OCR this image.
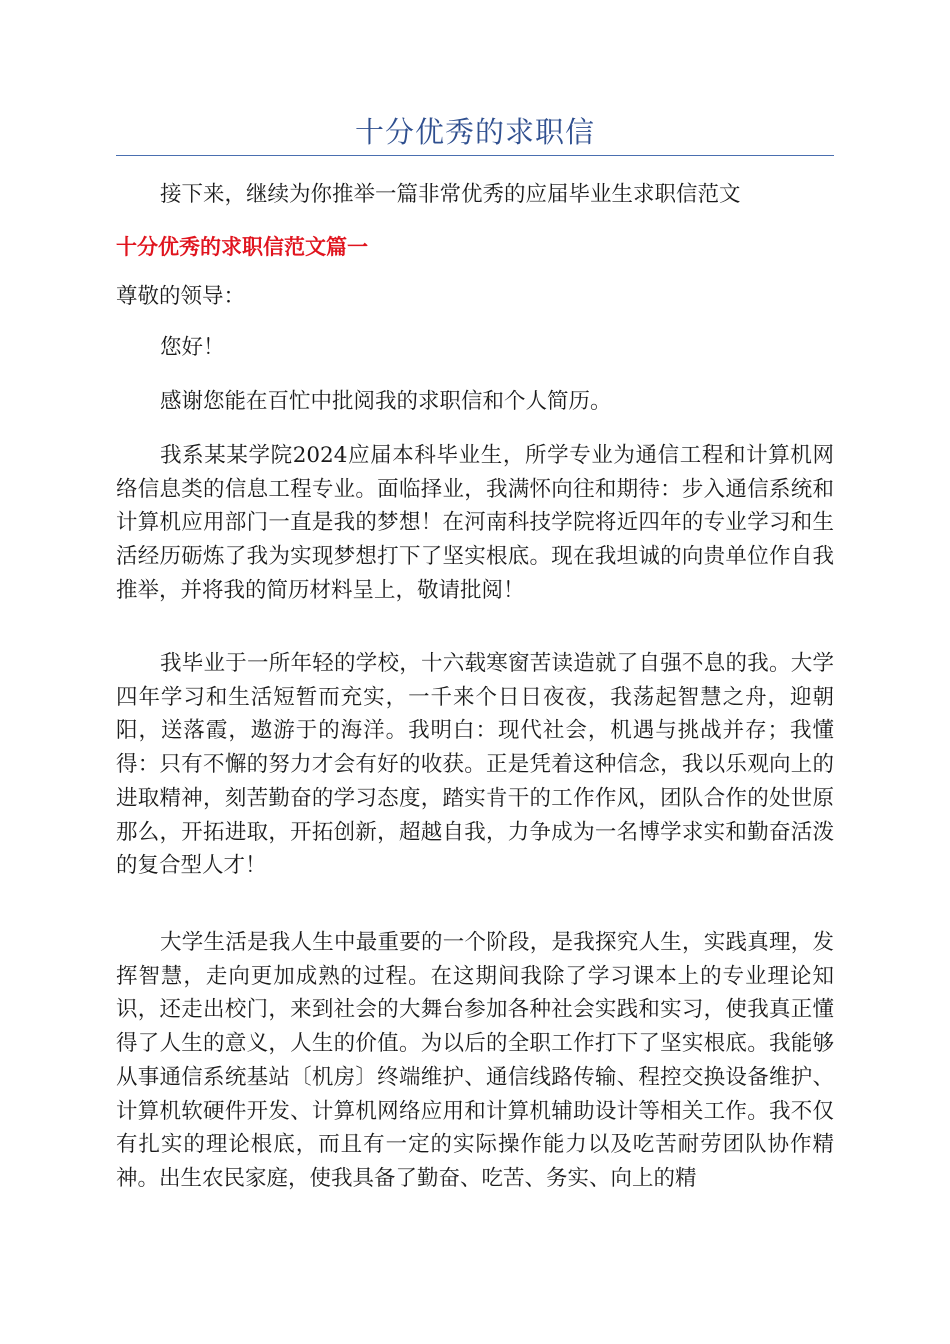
十分优秀的求职信

接下来，继续为你推举一篇非常优秀的应届毕业生求职信范文

十分优秀的求职信范文篇一

尊敬的领导：

您好！

感谢您能在百忙中批阅我的求职信和个人简历。

我系某某学院2024应届本科毕业生，所学专业为通信工程和计算机网络信息类的信息工程专业。面临择业，我满怀向往和期待：步入通信系统和计算机应用部门一直是我的梦想！在河南科技学院将近四年的专业学习和生活经历砺炼了我为实现梦想打下了坚实根底。现在我坦诚的向贵单位作自我推举，并将我的简历材料呈上，敬请批阅！

我毕业于一所年轻的学校，十六载寒窗苦读造就了自强不息的我。大学四年学习和生活短暂而充实，一千来个日日夜夜，我荡起智慧之舟，迎朝阳，送落霞，遨游于的海洋。我明白：现代社会，机遇与挑战并存；我懂得：只有不懈的努力才会有好的收获。正是凭着这种信念，我以乐观向上的进取精神，刻苦勤奋的学习态度，踏实肯干的工作作风，团队合作的处世原那么，开拓进取，开拓创新，超越自我，力争成为一名博学求实和勤奋活泼的复合型人才！

大学生活是我人生中最重要的一个阶段，是我探究人生，实践真理，发挥智慧，走向更加成熟的过程。在这期间我除了学习课本上的专业理论知识，还走出校门，来到社会的大舞台参加各种社会实践和实习，使我真正懂得了人生的意义，人生的价值。为以后的全职工作打下了坚实根底。我能够从事通信系统基站〔机房〕终端维护、通信线路传输、程控交换设备维护、计算机软硬件开发、计算机网络应用和计算机辅助设计等相关工作。我不仅有扎实的理论根底，而且有一定的实际操作能力以及吃苦耐劳团队协作精神。出生农民家庭，使我具备了勤奋、吃苦、务实、向上的精
